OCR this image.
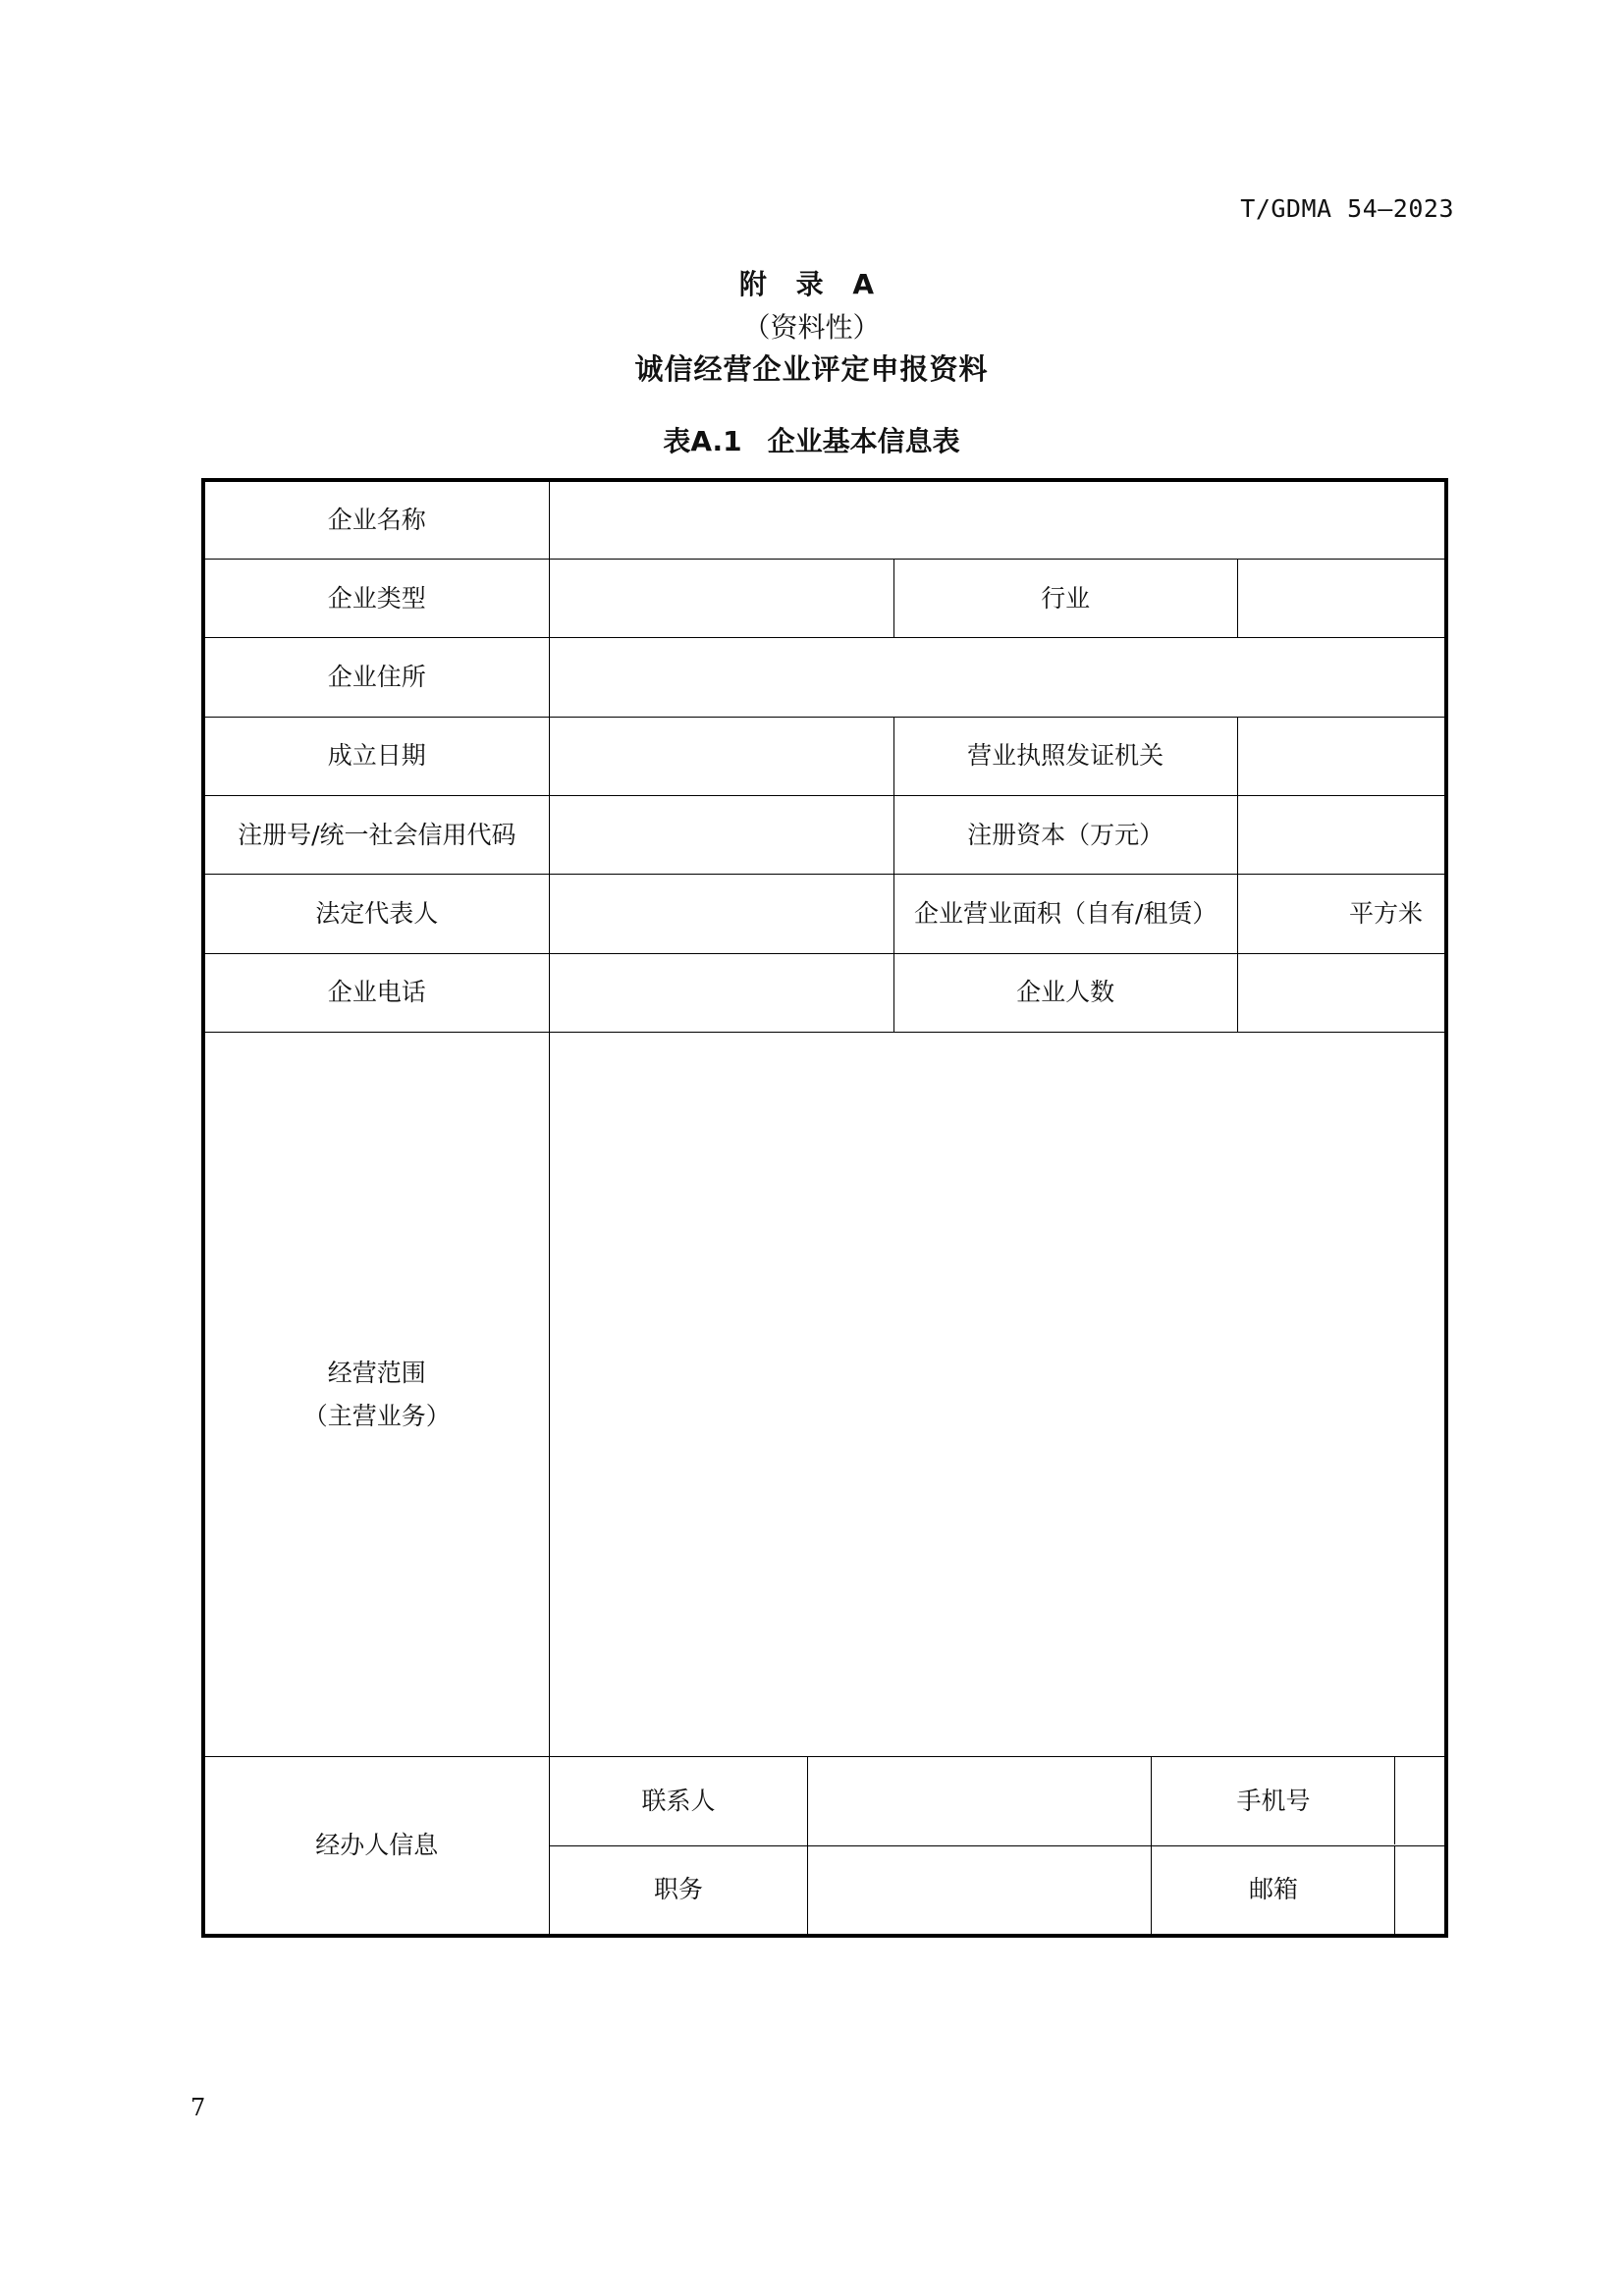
T/GDMA 54—2023
附 录 A
（资料性）
诚信经营企业评定申报资料
表A.1 企业基本信息表
企业名称					
企业类型			行业		
企业住所					
成立日期			营业执照发证机关		
注册号/统一社会信用代码			注册资本（万元）		
法定代表人			企业营业面积（自有/租赁）		平方米
企业电话			企业人数		

经营范围
（主营业务）					

经办人信息	联系人			手机号	

	职务			邮箱	
7
